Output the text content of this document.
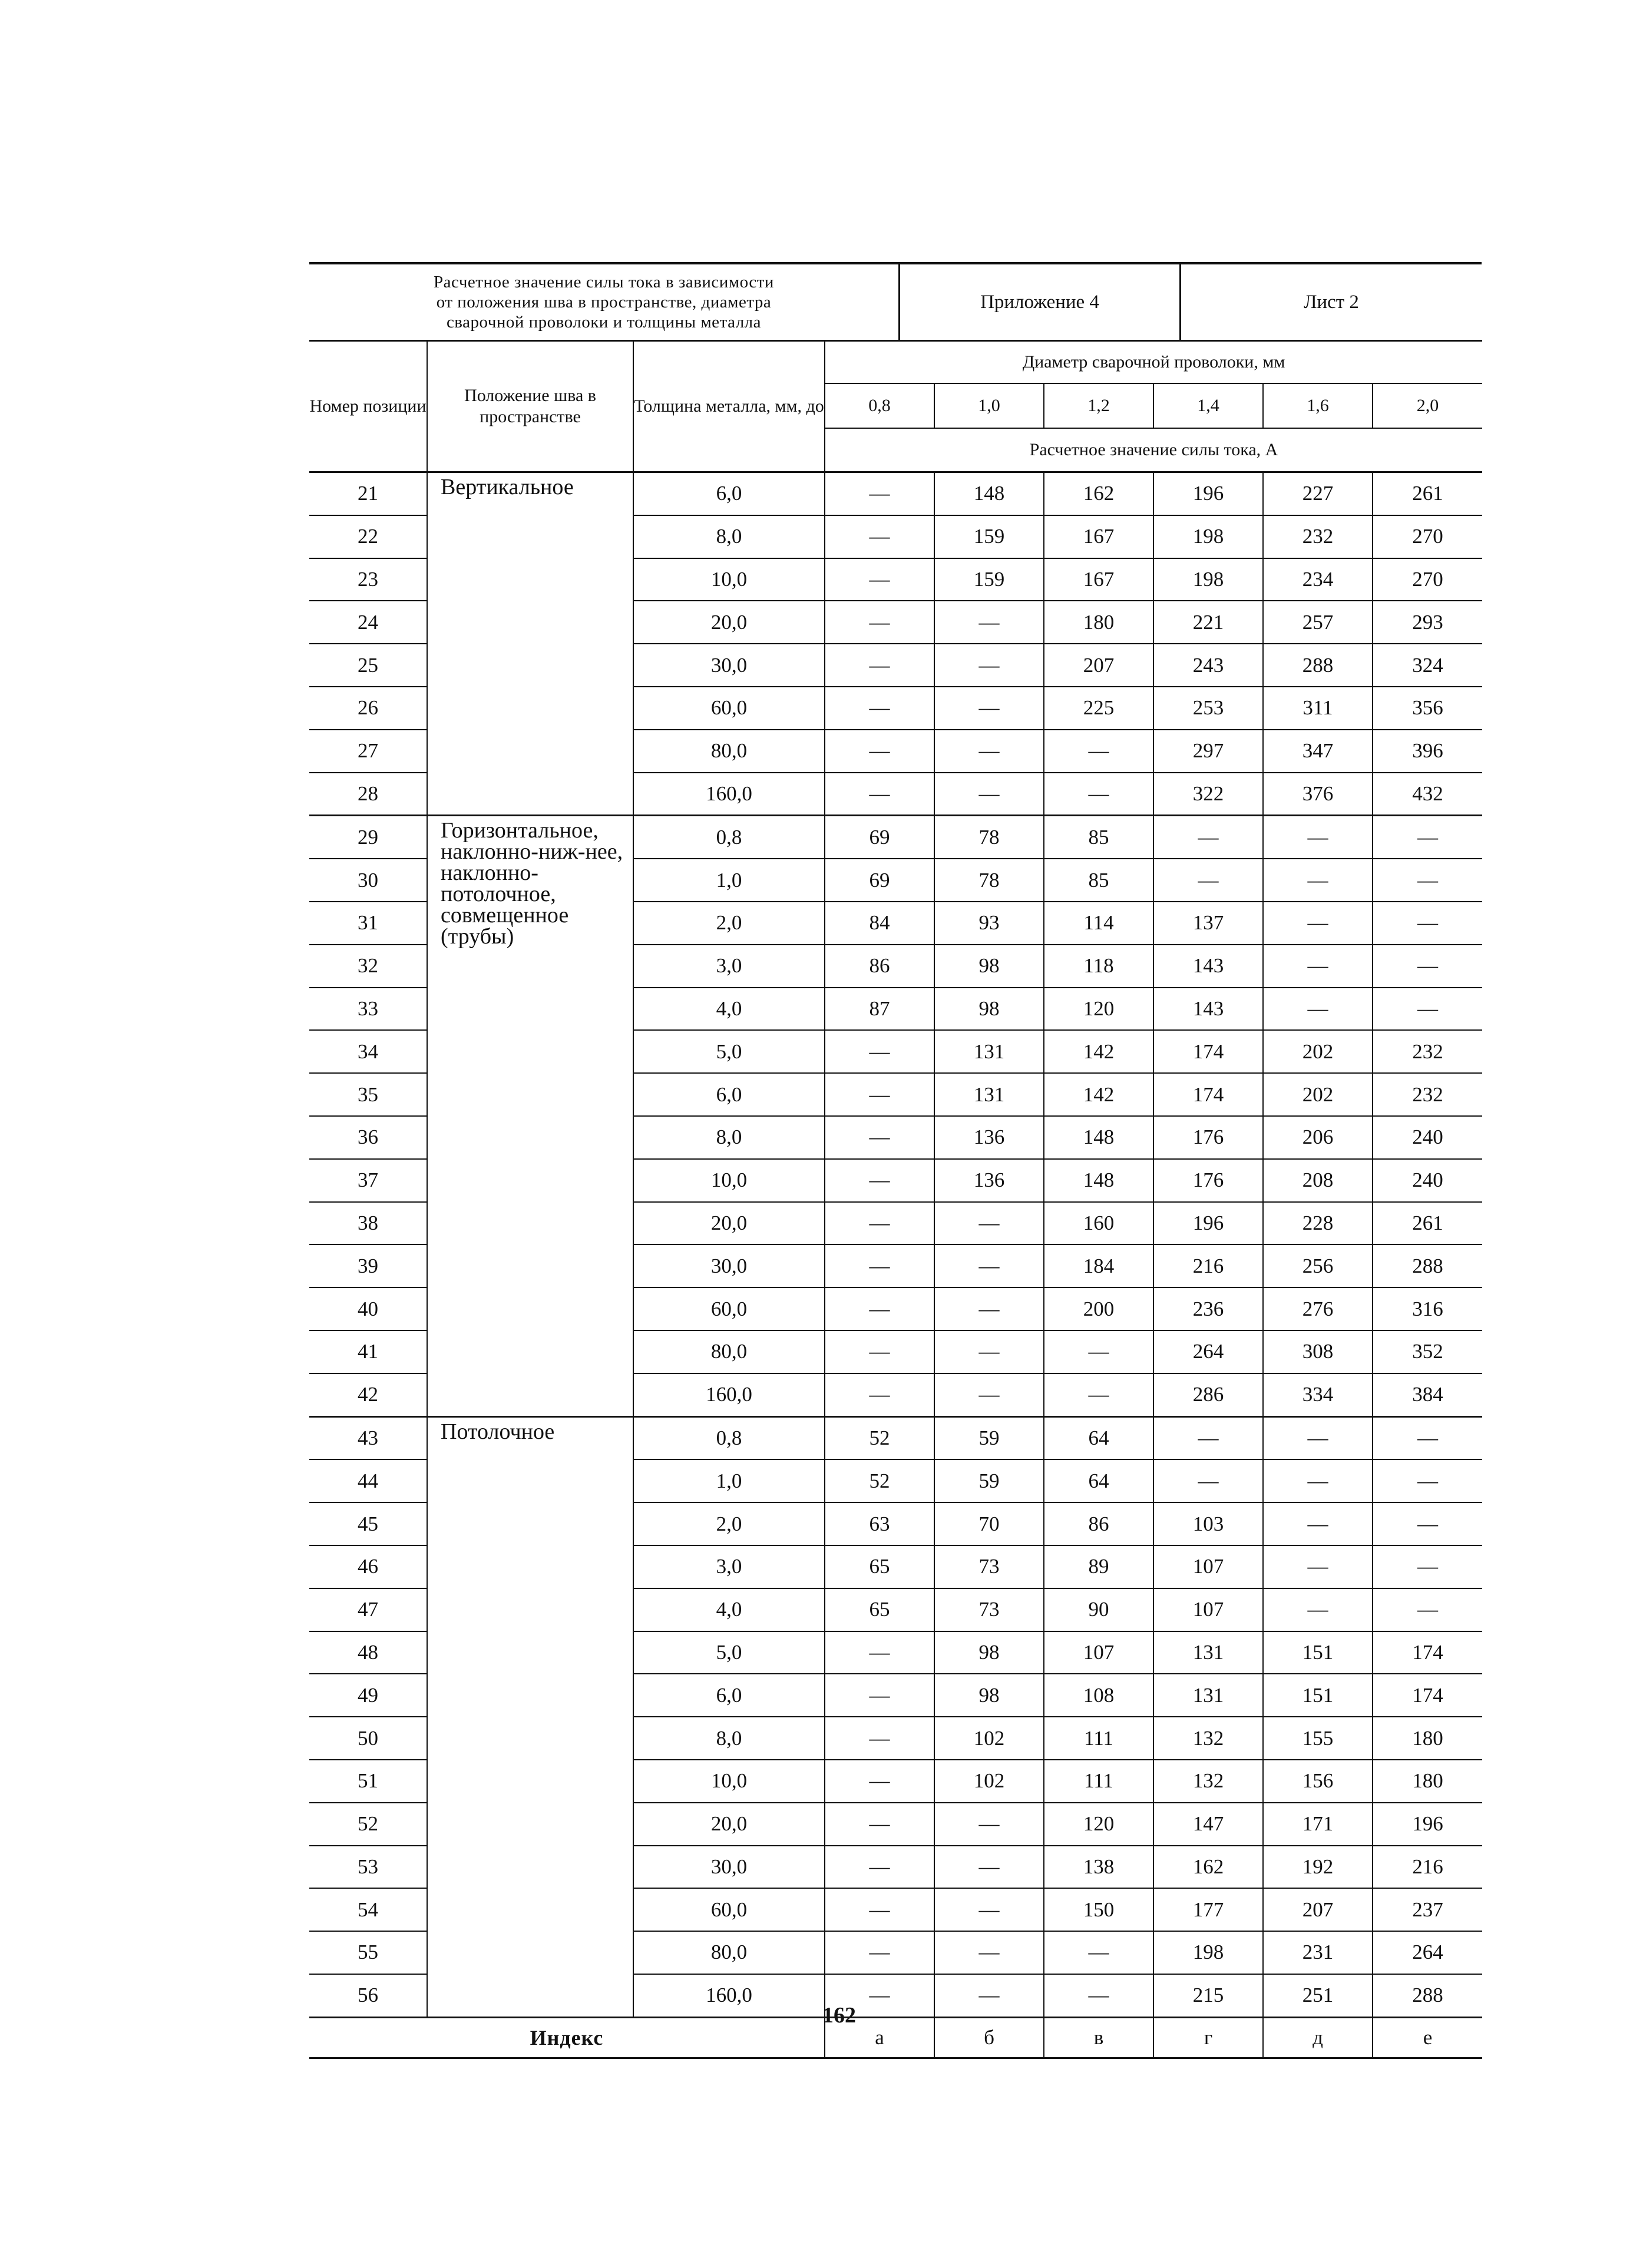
Расчетное значение силы тока в зависимости
от положения шва в пространстве, диаметра
сварочной проволоки и толщины металла
Приложение 4	Лист 2
Номер позиции	Положение шва в пространстве	Толщина металла, мм, до	Диаметр сварочной проволоки, мм					
			0,8	1,0	1,2	1,4	1,6	2,0
			Расчетное значение силы тока, А					
21	Вертикальное	6,0	—	148	162	196	227	261
22		8,0	—	159	167	198	232	270
23		10,0	—	159	167	198	234	270
24		20,0	—	—	180	221	257	293
25		30,0	—	—	207	243	288	324
26		60,0	—	—	225	253	311	356
27		80,0	—	—	—	297	347	396
28		160,0	—	—	—	322	376	432
29	Горизонтальное, наклонно-ниж-нее, наклонно-потолочное, совмещенное (трубы)	0,8	69	78	85	—	—	—
30		1,0	69	78	85	—	—	—
31		2,0	84	93	114	137	—	—
32		3,0	86	98	118	143	—	—
33		4,0	87	98	120	143	—	—
34		5,0	—	131	142	174	202	232
35		6,0	—	131	142	174	202	232
36		8,0	—	136	148	176	206	240
37		10,0	—	136	148	176	208	240
38		20,0	—	—	160	196	228	261
39		30,0	—	—	184	216	256	288
40		60,0	—	—	200	236	276	316
41		80,0	—	—	—	264	308	352
42		160,0	—	—	—	286	334	384
43	Потолочное	0,8	52	59	64	—	—	—
44		1,0	52	59	64	—	—	—
45		2,0	63	70	86	103	—	—
46		3,0	65	73	89	107	—	—
47		4,0	65	73	90	107	—	—
48		5,0	—	98	107	131	151	174
49		6,0	—	98	108	131	151	174
50		8,0	—	102	111	132	155	180
51		10,0	—	102	111	132	156	180
52		20,0	—	—	120	147	171	196
53		30,0	—	—	138	162	192	216
54		60,0	—	—	150	177	207	237
55		80,0	—	—	—	198	231	264
56		160,0	—	—	—	215	251	288
Индекс			а	б	в	г	д	е
162
